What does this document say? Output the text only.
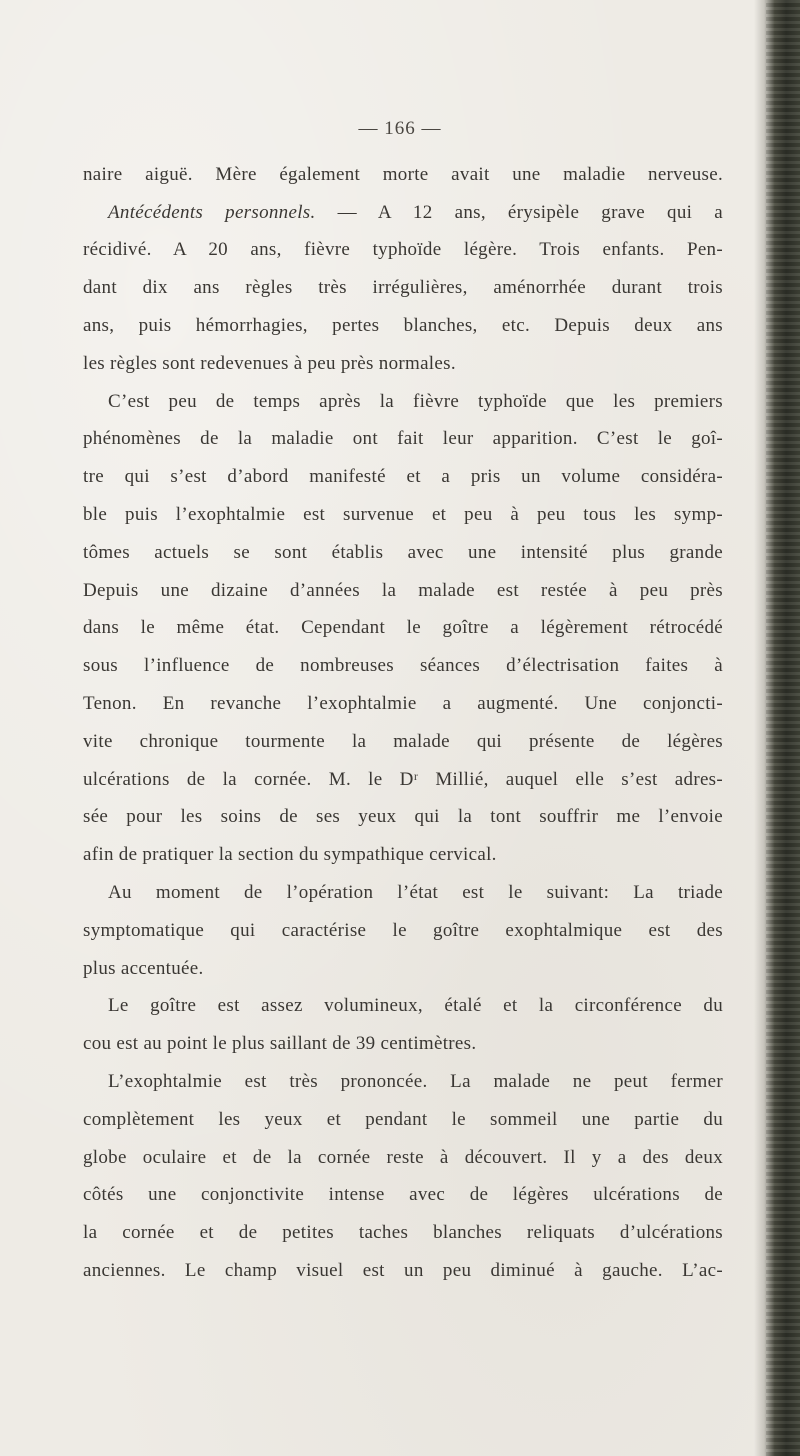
— 166 —
naire aiguë. Mère également morte avait une maladie nerveuse.
Antécédents personnels. — A 12 ans, érysipèle grave qui a
récidivé. A 20 ans, fièvre typhoïde légère. Trois enfants. Pen-
dant dix ans règles très irrégulières, aménorrhée durant trois
ans, puis hémorrhagies, pertes blanches, etc. Depuis deux ans
les règles sont redevenues à peu près normales.
C’est peu de temps après la fièvre typhoïde que les premiers
phénomènes de la maladie ont fait leur apparition. C’est le goî-
tre qui s’est d’abord manifesté et a pris un volume considéra-
ble puis l’exophtalmie est survenue et peu à peu tous les symp-
tômes actuels se sont établis avec une intensité plus grande
Depuis une dizaine d’années la malade est restée à peu près
dans le même état. Cependant le goître a légèrement rétrocédé
sous l’influence de nombreuses séances d’électrisation faites à
Tenon. En revanche l’exophtalmie a augmenté. Une conjoncti-
vite chronique tourmente la malade qui présente de légères
ulcérations de la cornée. M. le Dʳ Millié, auquel elle s’est adres-
sée pour les soins de ses yeux qui la tont souffrir me l’envoie
afin de pratiquer la section du sympathique cervical.
Au moment de l’opération l’état est le suivant: La triade
symptomatique qui caractérise le goître exophtalmique est des
plus accentuée.
Le goître est assez volumineux, étalé et la circonférence du
cou est au point le plus saillant de 39 centimètres.
L’exophtalmie est très prononcée. La malade ne peut fermer
complètement les yeux et pendant le sommeil une partie du
globe oculaire et de la cornée reste à découvert. Il y a des deux
côtés une conjonctivite intense avec de légères ulcérations de
la cornée et de petites taches blanches reliquats d’ulcérations
anciennes. Le champ visuel est un peu diminué à gauche. L’ac-
